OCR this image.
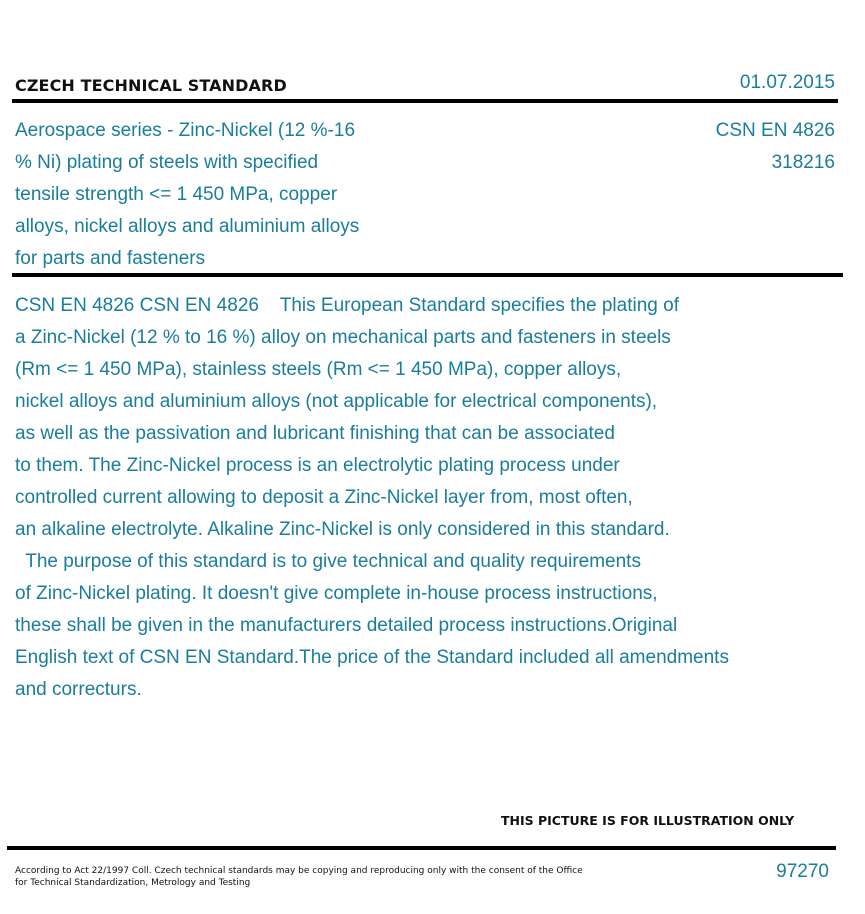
CZECH TECHNICAL STANDARD	01.07.2015
Aerospace series - Zinc-Nickel (12 %-16
% Ni) plating of steels with specified
tensile strength <= 1 450 MPa, copper
alloys, nickel alloys and aluminium alloys
for parts and fasteners
CSN EN 4826
318216
CSN EN 4826 CSN EN 4826    This European Standard specifies the plating of
a Zinc-Nickel (12 % to 16 %) alloy on mechanical parts and fasteners in steels
(Rm <= 1 450 MPa), stainless steels (Rm <= 1 450 MPa), copper alloys,
nickel alloys and aluminium alloys (not applicable for electrical components),
as well as the passivation and lubricant finishing that can be associated
to them. The Zinc-Nickel process is an electrolytic plating process under
controlled current allowing to deposit a Zinc-Nickel layer from, most often,
an alkaline electrolyte. Alkaline Zinc-Nickel is only considered in this standard.
The purpose of this standard is to give technical and quality requirements
of Zinc-Nickel plating. It doesn't give complete in-house process instructions,
these shall be given in the manufacturers detailed process instructions.Original
English text of CSN EN Standard.The price of the Standard included all amendments
and correcturs.
THIS PICTURE IS FOR ILLUSTRATION ONLY
According to Act 22/1997 Coll. Czech technical standards may be copying and reproducing only with the consent of the Office
for Technical Standardization, Metrology and Testing
97270
